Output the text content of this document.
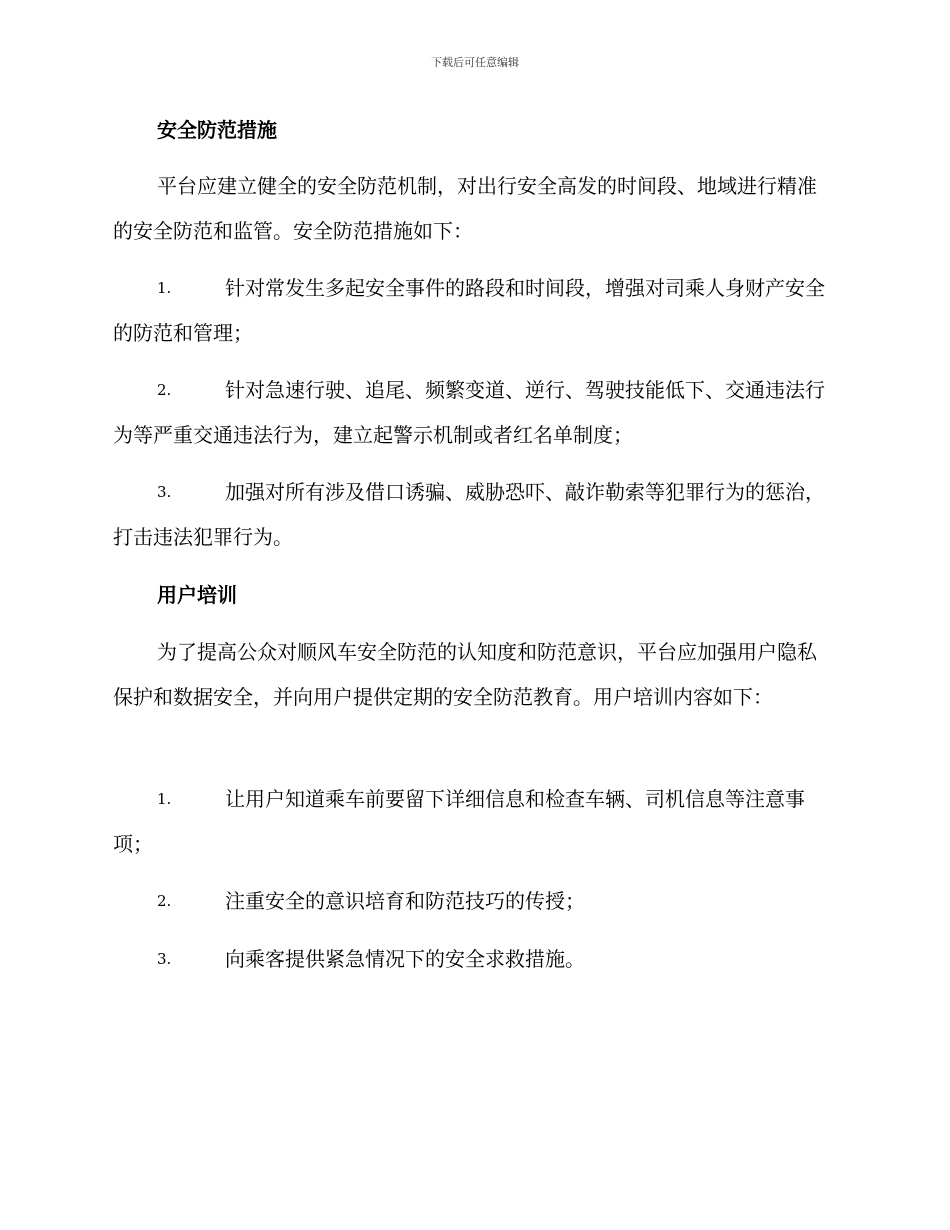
下载后可任意编辑
安全防范措施

平台应建立健全的安全防范机制，对出行安全高发的时间段、地域进行精准的安全防范和监管。安全防范措施如下：

1.	针对常发生多起安全事件的路段和时间段，增强对司乘人身财产安全的防范和管理；
2.	针对急速行驶、追尾、频繁变道、逆行、驾驶技能低下、交通违法行为等严重交通违法行为，建立起警示机制或者红名单制度；
3.	加强对所有涉及借口诱骗、威胁恐吓、敲诈勒索等犯罪行为的惩治，打击违法犯罪行为。
用户培训

为了提高公众对顺风车安全防范的认知度和防范意识，平台应加强用户隐私保护和数据安全，并向用户提供定期的安全防范教育。用户培训内容如下：

1.	让用户知道乘车前要留下详细信息和检查车辆、司机信息等注意事项；
2.	注重安全的意识培育和防范技巧的传授；
3.	向乘客提供紧急情况下的安全求救措施。
